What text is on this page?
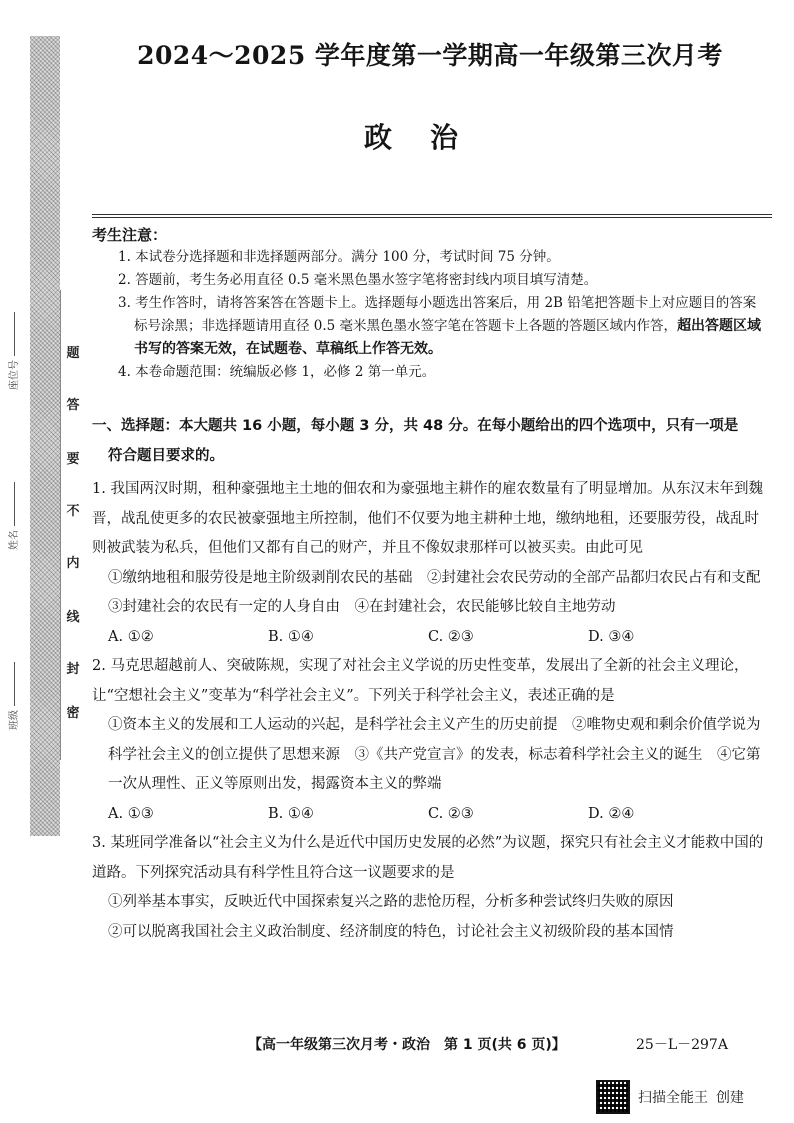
座位号
姓名
班级
题
答
要
不
内
线
封
密
2024～2025 学年度第一学期高一年级第三次月考
政治
考生注意：

1. 本试卷分选择题和非选择题两部分。满分 100 分，考试时间 75 分钟。

2. 答题前，考生务必用直径 0.5 毫米黑色墨水签字笔将密封线内项目填写清楚。

3. 考生作答时，请将答案答在答题卡上。选择题每小题选出答案后，用 2B 铅笔把答题卡上对应题目的答案标号涂黑；非选择题请用直径 0.5 毫米黑色墨水签字笔在答题卡上各题的答题区域内作答，超出答题区域书写的答案无效，在试题卷、草稿纸上作答无效。

4. 本卷命题范围：统编版必修 1，必修 2 第一单元。

一、选择题：本大题共 16 小题，每小题 3 分，共 48 分。在每小题给出的四个选项中，只有一项是
符合题目要求的。

1. 我国两汉时期，租种豪强地主土地的佃农和为豪强地主耕作的雇农数量有了明显增加。从东汉末年到魏晋，战乱使更多的农民被豪强地主所控制，他们不仅要为地主耕种土地，缴纳地租，还要服劳役，战乱时则被武装为私兵，但他们又都有自己的财产，并且不像奴隶那样可以被买卖。由此可见

①缴纳地租和服劳役是地主阶级剥削农民的基础　②封建社会农民劳动的全部产品都归农民占有和支配　③封建社会的农民有一定的人身自由　④在封建社会，农民能够比较自主地劳动

A. ①②	B. ①④	C. ②③	D. ③④

2. 马克思超越前人、突破陈规，实现了对社会主义学说的历史性变革，发展出了全新的社会主义理论，让“空想社会主义”变革为“科学社会主义”。下列关于科学社会主义，表述正确的是

①资本主义的发展和工人运动的兴起，是科学社会主义产生的历史前提　②唯物史观和剩余价值学说为科学社会主义的创立提供了思想来源　③《共产党宣言》的发表，标志着科学社会主义的诞生　④它第一次从理性、正义等原则出发，揭露资本主义的弊端

A. ①③	B. ①④	C. ②③	D. ②④

3. 某班同学准备以“社会主义为什么是近代中国历史发展的必然”为议题，探究只有社会主义才能救中国的道路。下列探究活动具有科学性且符合这一议题要求的是

①列举基本事实，反映近代中国探索复兴之路的悲怆历程，分析多种尝试终归失败的原因

②可以脱离我国社会主义政治制度、经济制度的特色，讨论社会主义初级阶段的基本国情

【高一年级第三次月考・政治　第 1 页(共 6 页)】	25－L－297A
扫描全能王 创建
